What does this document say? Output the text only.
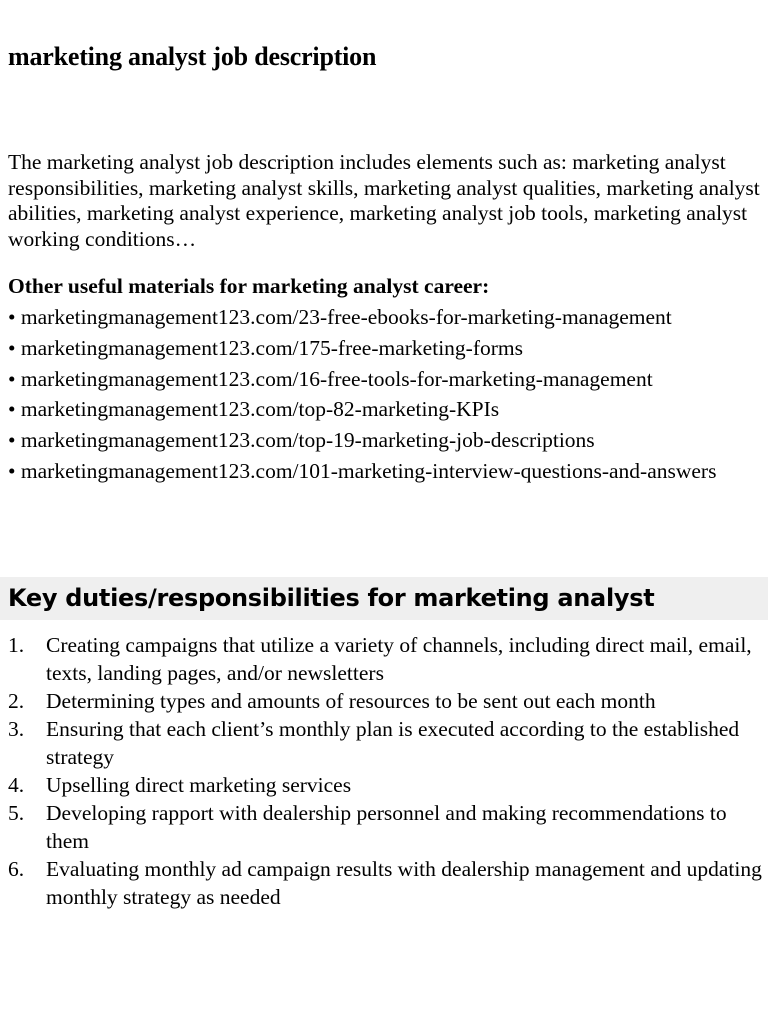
marketing analyst job description

The marketing analyst job description includes elements such as: marketing analyst responsibilities, marketing analyst skills, marketing analyst qualities, marketing analyst abilities, marketing analyst experience, marketing analyst job tools, marketing analyst working conditions…

Other useful materials for marketing analyst career:
• marketingmanagement123.com/23-free-ebooks-for-marketing-management
• marketingmanagement123.com/175-free-marketing-forms
• marketingmanagement123.com/16-free-tools-for-marketing-management
• marketingmanagement123.com/top-82-marketing-KPIs
• marketingmanagement123.com/top-19-marketing-job-descriptions
• marketingmanagement123.com/101-marketing-interview-questions-and-answers
Key duties/responsibilities for marketing analyst
1. Creating campaigns that utilize a variety of channels, including direct mail, email, texts, landing pages, and/or newsletters
2. Determining types and amounts of resources to be sent out each month
3. Ensuring that each client’s monthly plan is executed according to the established strategy
4. Upselling direct marketing services
5. Developing rapport with dealership personnel and making recommendations to them
6. Evaluating monthly ad campaign results with dealership management and updating monthly strategy as needed
